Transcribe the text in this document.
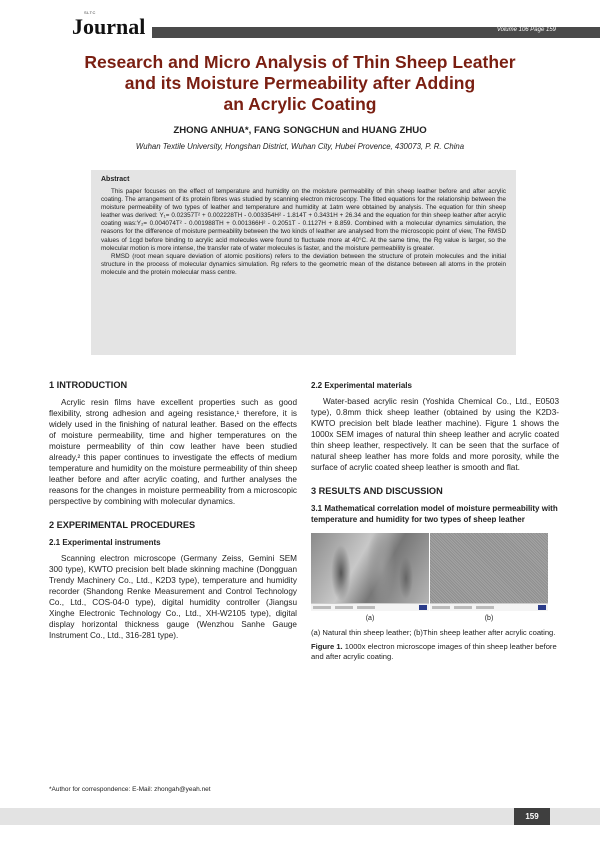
SLTC
Journal	Volume 106 Page 159
Research and Micro Analysis of Thin Sheep Leather
and its Moisture Permeability after Adding
an Acrylic Coating
ZHONG ANHUA*, FANG SONGCHUN and HUANG ZHUO
Wuhan Textile University, Hongshan District, Wuhan City, Hubei Provence, 430073, P. R. China
Abstract

This paper focuses on the effect of temperature and humidity on the moisture permeability of thin sheep leather before and after acrylic coating. The arrangement of its protein fibres was studied by scanning electron microscopy. The fitted equations for the relationship between the moisture permeability of two types of leather and temperature and humidity at 1atm were obtained by analysis. The equation for thin sheep leather was derived: Y₁= 0.02357T² + 0.002228TH - 0.003354H² - 1.814T + 0.3431H + 26.34 and the equation for thin sheep leather after acrylic coating was:Y₂= 0.004074T² - 0.001988TH + 0.001366H² - 0.2051T - 0.1127H + 8.859. Combined with a molecular dynamics simulation, the reasons for the difference of moisture permeability between the two kinds of leather are analysed from the microscopic point of view, The RMSD values of 1cgd before binding to acrylic acid molecules were found to fluctuate more at 40°C. At the same time, the Rg value is larger, so the molecular motion is more intense, the transfer rate of water molecules is faster, and the moisture permeability is greater.

RMSD (root mean square deviation of atomic positions) refers to the deviation between the structure of protein molecules and the initial structure in the process of molecular dynamics simulation. Rg refers to the geometric mean of the distance between all atoms in the protein molecule and the protein molecular mass centre.

1 INTRODUCTION
Acrylic resin films have excellent properties such as good flexibility, strong adhesion and ageing resistance,¹ therefore, it is widely used in the finishing of natural leather. Based on the effects of moisture permeability, time and higher temperatures on the moisture permeability of thin cow leather have been studied already,² this paper continues to investigate the effects of medium temperature and humidity on the moisture permeability of thin sheep leather before and after acrylic coating, and further analyses the reasons for the changes in moisture permeability from a microscopic perspective by combining with molecular dynamics.
2 EXPERIMENTAL PROCEDURES
2.1 Experimental instruments
Scanning electron microscope (Germany Zeiss, Gemini SEM 300 type), KWTO precision belt blade skinning machine (Dongguan Trendy Machinery Co., Ltd., K2D3 type), temperature and humidity recorder (Shandong Renke Measurement and Control Technology Co., Ltd., COS-04-0 type), digital humidity controller (Jiangsu Xinghe Electronic Technology Co., Ltd., XH-W2105 type), digital display horizontal thickness gauge (Wenzhou Sanhe Gauge Instrument Co., Ltd., 316-281 type).
2.2 Experimental materials
Water-based acrylic resin (Yoshida Chemical Co., Ltd., E0503 type), 0.8mm thick sheep leather (obtained by using the K2D3-KWTO precision belt blade leather machine). Figure 1 shows the 1000x SEM images of natural thin sheep leather and acrylic coated thin sheep leather, respectively. It can be seen that the surface of natural sheep leather has more folds and more porosity, while the surface of acrylic coated sheep leather is smooth and flat.
3 RESULTS AND DISCUSSION
3.1 Mathematical correlation model of moisture permeability with temperature and humidity for two types of sheep leather
(a)	(b)
(a) Natural thin sheep leather; (b)Thin sheep leather after acrylic coating.
Figure 1. 1000x electron microscope images of thin sheep leather before and after acrylic coating.
*Author for correspondence: E-Mail: zhongah@yeah.net
159
